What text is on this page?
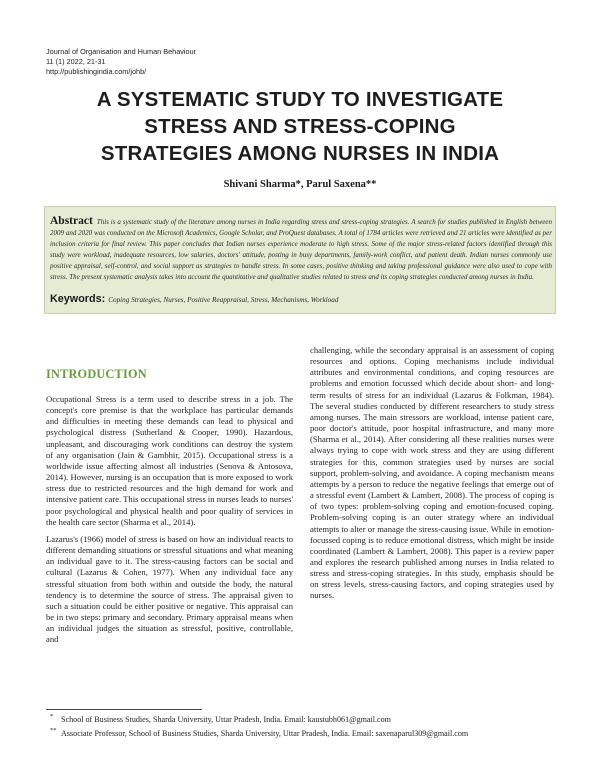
Journal of Organisation and Human Behaviour
11 (1) 2022, 21-31
http://publishingindia.com/johb/
A SYSTEMATIC STUDY TO INVESTIGATE
STRESS AND STRESS-COPING
STRATEGIES AMONG NURSES IN INDIA
Shivani Sharma*, Parul Saxena**
Abstract This is a systematic study of the literature among nurses in India regarding stress and stress-coping strategies. A search for studies published in English between 2009 and 2020 was conducted on the Microsoft Academics, Google Scholar, and ProQuest databases. A total of 1784 articles were retrieved and 21 articles were identified as per inclusion criteria for final review. This paper concludes that Indian nurses experience moderate to high stress. Some of the major stress-related factors identified through this study were workload, inadequate resources, low salaries, doctors' attitude, posting in busy departments, family-work conflict, and patient death. Indian nurses commonly use positive appraisal, self-control, and social support as strategies to handle stress. In some cases, positive thinking and taking professional guidance were also used to cope with stress. The present systematic analysis takes into account the quantitative and qualitative studies related to stress and its coping strategies conducted among nurses in India.
Keywords: Coping Strategies, Nurses, Positive Reappraisal, Stress, Mechanisms, Workload
INTRODUCTION

Occupational Stress is a term used to describe stress in a job. The concept's core premise is that the workplace has particular demands and difficulties in meeting these demands can lead to physical and psychological distress (Sutherland & Cooper, 1990). Hazardous, unpleasant, and discouraging work conditions can destroy the system of any organisation (Jain & Gambhir, 2015). Occupational stress is a worldwide issue affecting almost all industries (Senova & Antosova, 2014). However, nursing is an occupation that is more exposed to work stress due to restricted resources and the high demand for work and intensive patient care. This occupational stress in nurses leads to nurses' poor psychological and physical health and poor quality of services in the health care sector (Sharma et al., 2014).

Lazarus's (1966) model of stress is based on how an individual reacts to different demanding situations or stressful situations and what meaning an individual gave to it. The stress-causing factors can be social and cultural (Lazarus & Cohen, 1977). When any individual face any stressful situation from both within and outside the body, the natural tendency is to determine the source of stress. The appraisal given to such a situation could be either positive or negative. This appraisal can be in two steps: primary and secondary. Primary appraisal means when an individual judges the situation as stressful, positive, controllable, and

challenging, while the secondary appraisal is an assessment of coping resources and options. Coping mechanisms include individual attributes and environmental conditions, and coping resources are problems and emotion focussed which decide about short- and long-term results of stress for an individual (Lazarus & Folkman, 1984). The several studies conducted by different researchers to study stress among nurses. The main stressors are workload, intense patient care, poor doctor's attitude, poor hospital infrastructure, and many more (Sharma et al., 2014). After considering all these realities nurses were always trying to cope with work stress and they are using different strategies for this, common strategies used by nurses are social support, problem-solving, and avoidance. A coping mechanism means attempts by a person to reduce the negative feelings that emerge out of a stressful event (Lambert & Lambert, 2008). The process of coping is of two types: problem-solving coping and emotion-focused coping. Problem-solving coping is an outer strategy where an individual attempts to alter or manage the stress-causing issue. While in emotion-focussed coping is to reduce emotional distress, which might be inside coordinated (Lambert & Lambert, 2008). This paper is a review paper and explores the research published among nurses in India related to stress and stress-coping strategies. In this study, emphasis should be on stress levels, stress-causing factors, and coping strategies used by nurses.

* School of Business Studies, Sharda University, Uttar Pradesh, India. Email: kaustubh061@gmail.com
** Associate Professor, School of Business Studies, Sharda University, Uttar Pradesh, India. Email: saxenaparul309@gmail.com
